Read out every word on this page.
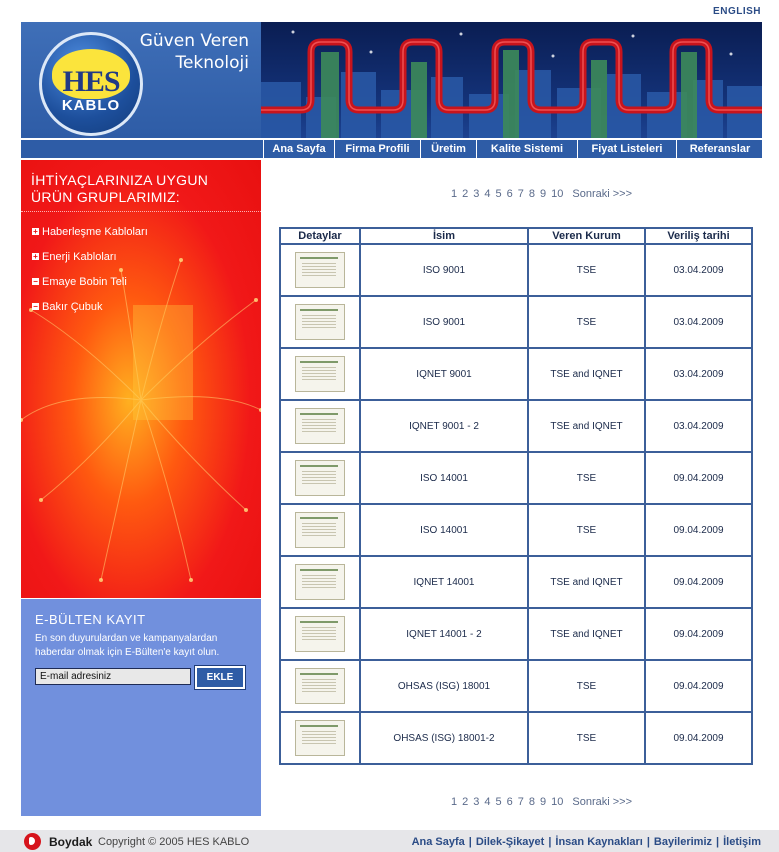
ENGLISH
HES
KABLO
Güven Veren
Teknoloji
Ana Sayfa	Firma Profili	Üretim	Kalite Sistemi	Fiyat Listeleri	Referanslar
İHTİYAÇLARINIZA UYGUN
ÜRÜN GRUPLARIMIZ:
+ Haberleşme Kabloları
+ Enerji Kabloları
− Emaye Bobin Teli
− Bakır Çubuk
E-BÜLTEN KAYIT
En son duyurulardan ve kampanyalardan haberdar olmak için E-Bülten'e kayıt olun.
E-mail adresiniz
EKLE
1 2 3 4 5 6 7 8 9 10 Sonraki >>>
Detaylar	İsim	Veren Kurum	Veriliş tarihi
	ISO 9001	TSE	03.04.2009
	ISO 9001	TSE	03.04.2009
	IQNET 9001	TSE and IQNET	03.04.2009
	IQNET 9001 - 2	TSE and IQNET	03.04.2009
	ISO 14001	TSE	09.04.2009
	ISO 14001	TSE	09.04.2009
	IQNET 14001	TSE and IQNET	09.04.2009
	IQNET 14001 - 2	TSE and IQNET	09.04.2009
	OHSAS (ISG) 18001	TSE	09.04.2009
	OHSAS (ISG) 18001-2	TSE	09.04.2009
1 2 3 4 5 6 7 8 9 10 Sonraki >>>
Boydak Copyright © 2005 HES KABLO	Ana Sayfa | Dilek-Şikayet | İnsan Kaynakları | Bayilerimiz | İletişim
